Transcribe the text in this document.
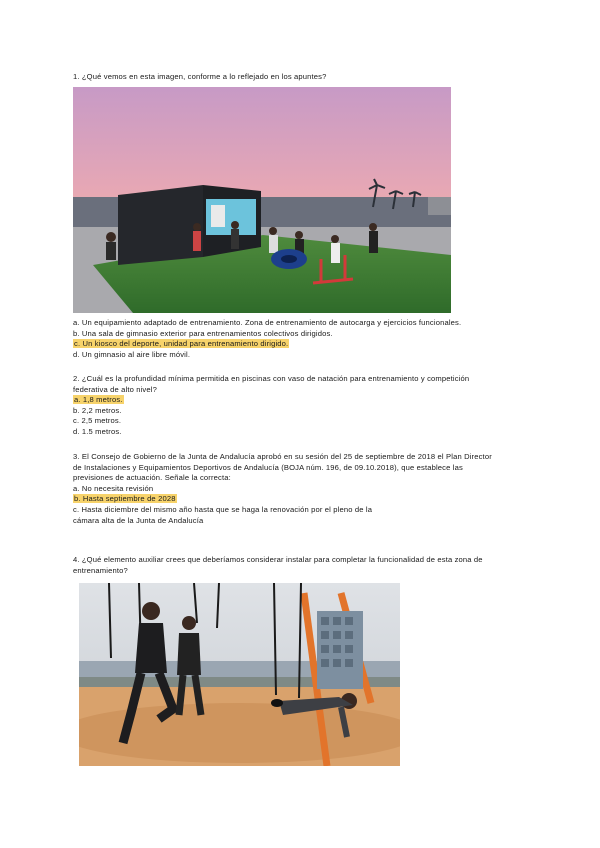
1. ¿Qué vemos en esta imagen, conforme a lo reflejado en los apuntes?
a. Un equipamiento adaptado de entrenamiento. Zona de entrenamiento de autocarga y ejercicios funcionales.
b. Una sala de gimnasio exterior para entrenamientos colectivos dirigidos.
c. Un kiosco del deporte, unidad para entrenamiento dirigido.
d. Un gimnasio al aire libre móvil.
2. ¿Cuál es la profundidad mínima permitida en piscinas con vaso de natación para entrenamiento y competición
federativa de alto nivel?
a. 1,8 metros.
b. 2,2 metros.
c. 2,5 metros.
d. 1.5 metros.
3. El Consejo de Gobierno de la Junta de Andalucía aprobó en su sesión del 25 de septiembre de 2018 el Plan Director
de Instalaciones y Equipamientos Deportivos de Andalucía (BOJA núm. 196, de 09.10.2018), que establece las
previsiones de actuación. Señale la correcta:
a. No necesita revisión
b. Hasta septiembre de 2028
c. Hasta diciembre del mismo año hasta que se haga la renovación por el pleno de la
cámara alta de la Junta de Andalucía
4. ¿Qué elemento auxiliar crees que deberíamos considerar instalar para completar la funcionalidad de esta zona de
entrenamiento?
